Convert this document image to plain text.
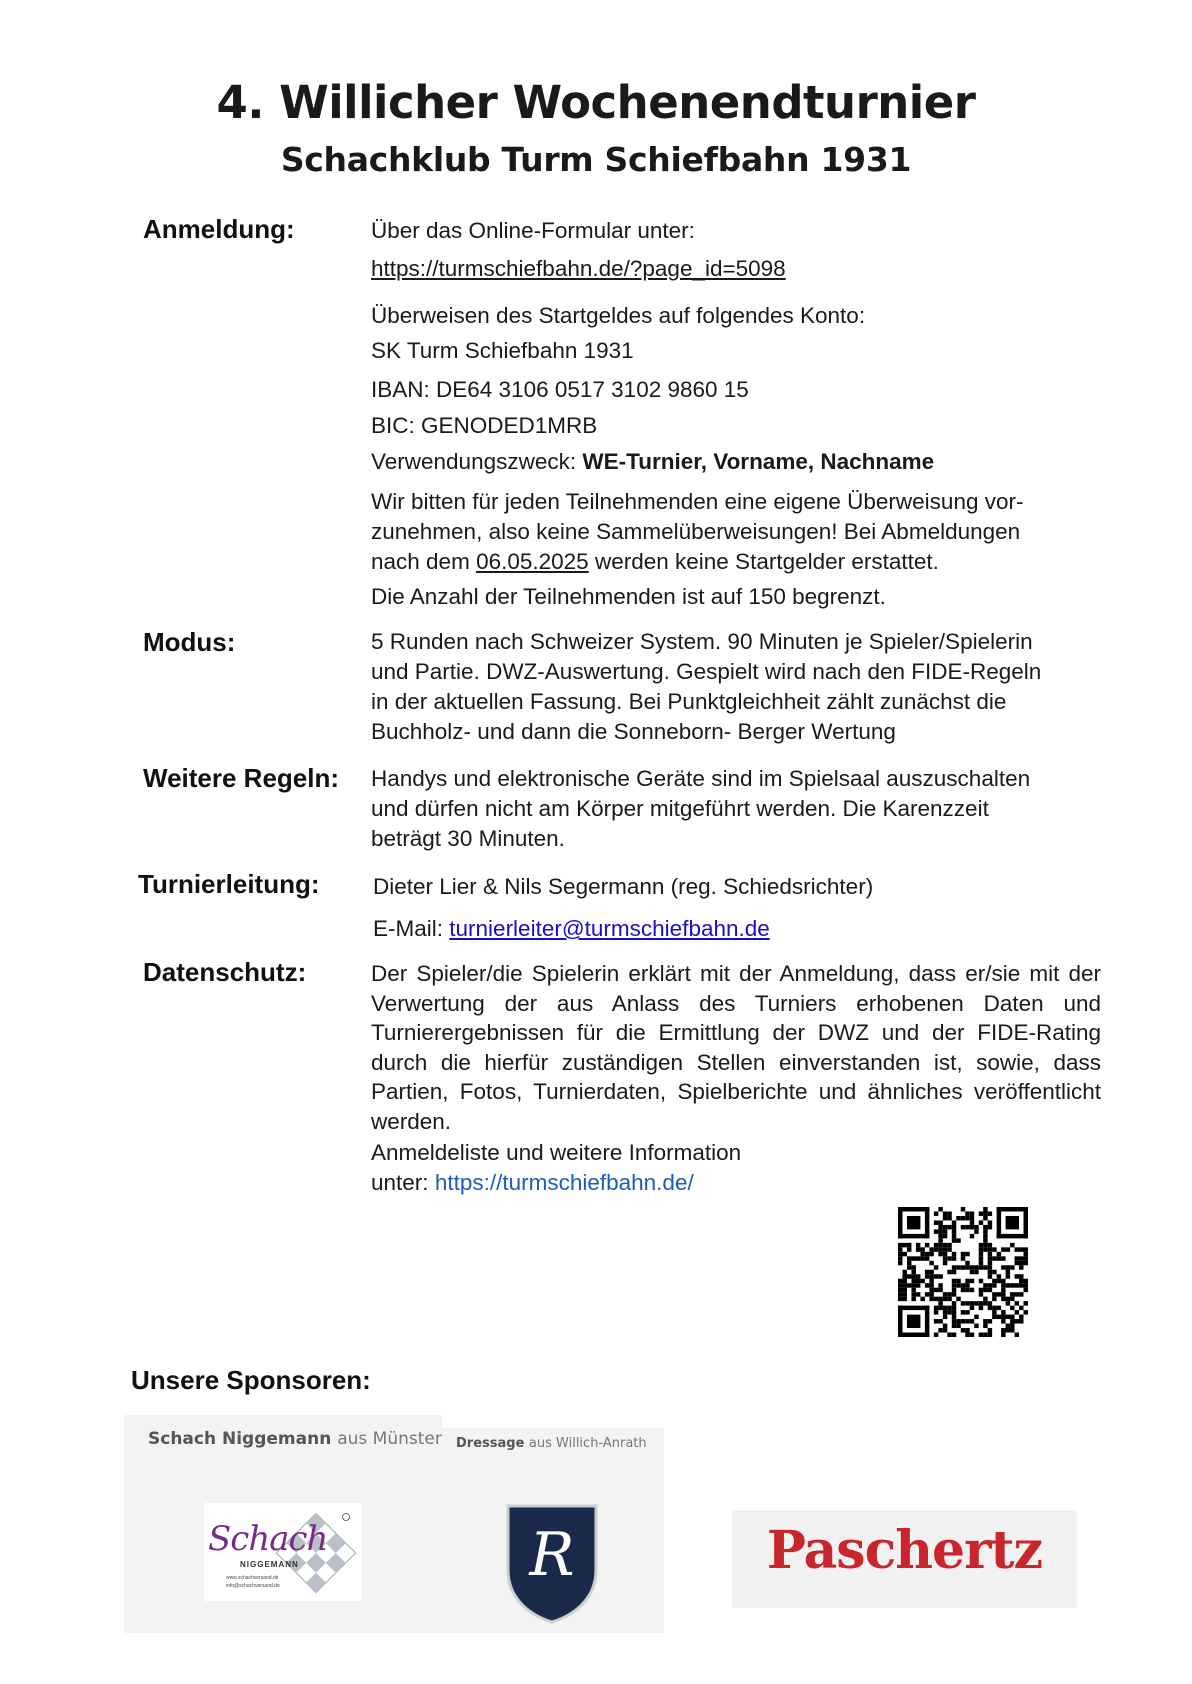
4. Willicher Wochenendturnier
Schachklub Turm Schiefbahn 1931
Anmeldung:	Über das Online-Formular unter:
https://turmschiefbahn.de/?page_id=5098
Überweisen des Startgeldes auf folgendes Konto:
SK Turm Schiefbahn 1931
IBAN: DE64 3106 0517 3102 9860 15
BIC: GENODED1MRB
Verwendungszweck: WE-Turnier, Vorname, Nachname
Wir bitten für jeden Teilnehmenden eine eigene Überweisung vor-
zunehmen, also keine Sammelüberweisungen! Bei Abmeldungen
nach dem 06.05.2025 werden keine Startgelder erstattet.
Die Anzahl der Teilnehmenden ist auf 150 begrenzt.
Modus:	5 Runden nach Schweizer System. 90 Minuten je Spieler/Spielerin
und Partie. DWZ-Auswertung. Gespielt wird nach den FIDE-Regeln
in der aktuellen Fassung. Bei Punktgleichheit zählt zunächst die
Buchholz- und dann die Sonneborn- Berger Wertung
Weitere Regeln: Handys und elektronische Geräte sind im Spielsaal auszuschalten
und dürfen nicht am Körper mitgeführt werden. Die Karenzzeit
beträgt 30 Minuten.
Turnierleitung: Dieter Lier & Nils Segermann (reg. Schiedsrichter)
E-Mail: turnierleiter@turmschiefbahn.de
Datenschutz:	Der Spieler/die Spielerin erklärt mit der Anmeldung, dass er/sie mit der Verwertung der aus Anlass des Turniers erhobenen Daten und Turnierergebnissen für die Ermittlung der DWZ und der FIDE-Rating durch die hierfür zuständigen Stellen einverstanden ist, sowie, dass Partien, Fotos, Turnierdaten, Spielberichte und ähnliches veröffentlicht werden.
Anmeldeliste und weitere Information
unter: https://turmschiefbahn.de/
Unsere Sponsoren:
Schach Niggemann aus Münster
Schach
NIGGEMANN
www.schachversand.de
info@schachversand.de
Dressage aus Willich-Anrath
R	Paschertz
